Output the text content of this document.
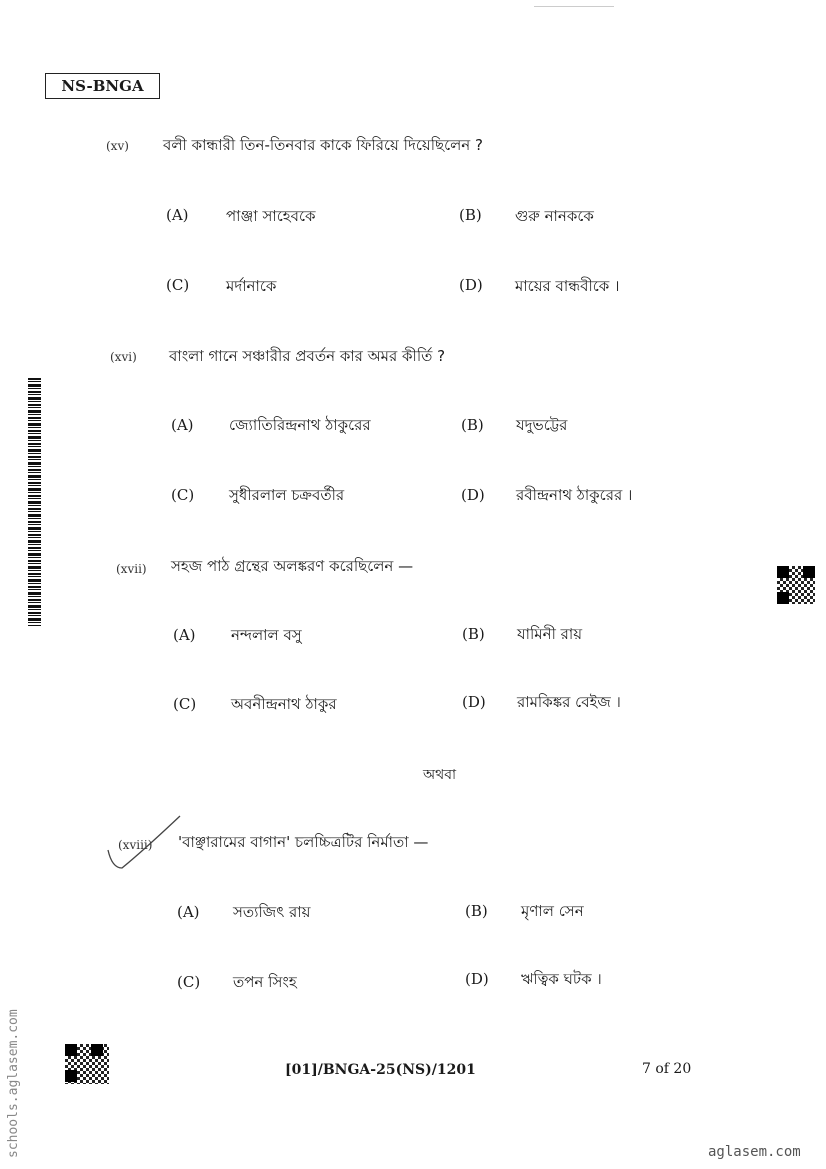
NS-BNGA
(xv) বলী কান্ধারী তিন-তিনবার কাকে ফিরিয়ে দিয়েছিলেন ?
(A) পাঞ্জা সাহেবকে	(B) গুরু নানককে
(C) মর্দানাকে	(D) মায়ের বান্ধবীকে ।
(xvi) বাংলা গানে সঞ্চারীর প্রবর্তন কার অমর কীর্তি ?
(A) জ্যোতিরিন্দ্রনাথ ঠাকুরের	(B) যদুভট্টের
(C) সুধীরলাল চক্রবর্তীর	(D) রবীন্দ্রনাথ ঠাকুরের ।
(xvii) সহজ পাঠ গ্রন্থের অলঙ্করণ করেছিলেন —
(A) নন্দলাল বসু	(B) যামিনী রায়
(C) অবনীন্দ্রনাথ ঠাকুর	(D) রামকিঙ্কর বেইজ ।
অথবা
(xviii) 'বাঞ্ছারামের বাগান' চলচ্চিত্রটির নির্মাতা —
(A) সত্যজিৎ রায়	(B) মৃণাল সেন
(C) তপন সিংহ	(D) ঋত্বিক ঘটক ।
[01]/BNGA-25(NS)/1201	7 of 20
schools.aglasem.com	aglasem.com
